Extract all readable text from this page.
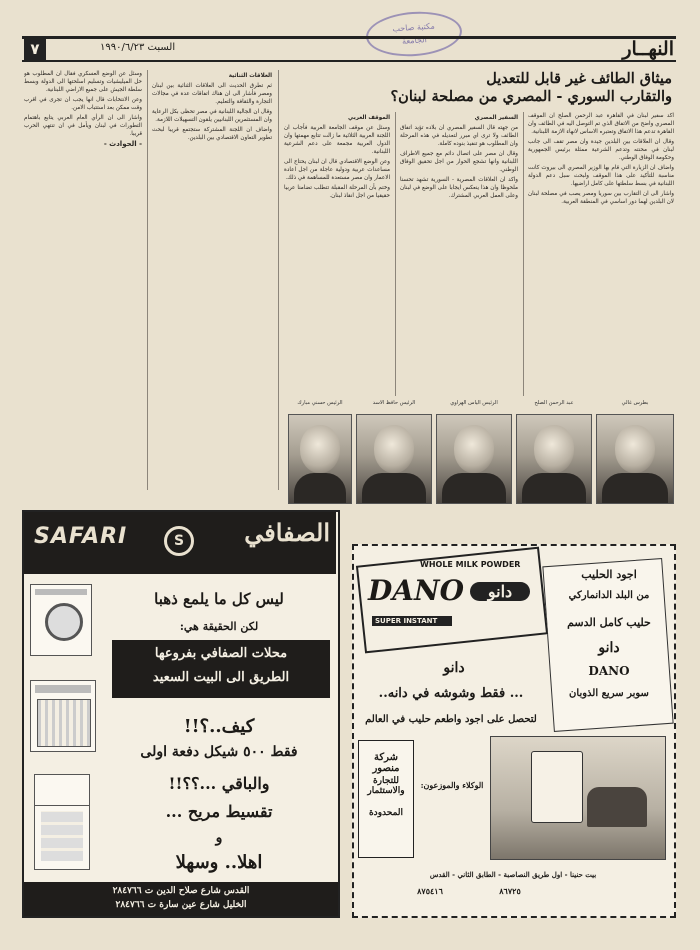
مكتبة صاحب
الجامعة	النهــار
السبت ١٩٩٠/٦/٢٣
٧
ميثاق الطائف غير قابل للتعديل
والتقارب السوري - المصري من مصلحة لبنان؟

اكد سفير لبنان في القاهرة عبد الرحمن الصلح ان الموقف المصري واضح من الاتفاق الذي تم التوصل اليه في الطائف وان القاهرة تدعم هذا الاتفاق وتعتبره الاساس لانهاء الازمة اللبنانية.

وقال ان العلاقات بين البلدين جيدة وان مصر تقف الى جانب لبنان في محنته وتدعم الشرعية ممثلة برئيس الجمهورية وحكومة الوفاق الوطني.

واضاف ان الزيارة التي قام بها الوزير المصري الى بيروت كانت مناسبة للتأكيد على هذا الموقف ولبحث سبل دعم الدولة اللبنانية في بسط سلطتها على كامل اراضيها.

واشار الى ان التقارب بين سوريا ومصر يصب في مصلحة لبنان لان البلدين لهما دور اساسي في المنطقة العربية.

السفير المصري

من جهته قال السفير المصري ان بلاده تؤيد اتفاق الطائف ولا ترى اي مبرر لتعديله في هذه المرحلة وان المطلوب هو تنفيذ بنوده كاملة.

وقال ان مصر على اتصال دائم مع جميع الاطراف اللبنانية وانها تشجع الحوار من اجل تحقيق الوفاق الوطني.

واكد ان العلاقات المصرية - السورية تشهد تحسنا ملحوظا وان هذا ينعكس ايجابا على الوضع في لبنان وعلى العمل العربي المشترك.

الموقف العربي

وسئل عن موقف الجامعة العربية فأجاب ان اللجنة العربية الثلاثية ما زالت تتابع مهمتها وان الدول العربية مجمعة على دعم الشرعية اللبنانية.

وعن الوضع الاقتصادي قال ان لبنان يحتاج الى مساعدات عربية ودولية عاجلة من اجل اعادة الاعمار وان مصر مستعدة للمساهمة في ذلك.

وختم بأن المرحلة المقبلة تتطلب تضامنا عربيا حقيقيا من اجل انقاذ لبنان.

العلاقات الثنائية

ثم تطرق الحديث الى العلاقات الثنائية بين لبنان ومصر فأشار الى ان هناك اتفاقات عدة في مجالات التجارة والثقافة والتعليم.

وقال ان الجالية اللبنانية في مصر تحظى بكل الرعاية وان المستثمرين اللبنانيين يلقون التسهيلات اللازمة.

واضاف ان اللجنة المشتركة ستجتمع قريبا لبحث تطوير التعاون الاقتصادي بين البلدين.

وسئل عن الوضع العسكري فقال ان المطلوب هو حل الميليشيات وتسليم اسلحتها الى الدولة وبسط سلطة الجيش على جميع الاراضي اللبنانية.

وعن الانتخابات قال انها يجب ان تجرى في اقرب وقت ممكن بعد استتباب الامن.

واشار الى ان الرأي العام العربي يتابع باهتمام التطورات في لبنان ويأمل في ان تنتهي الحرب قريبا.

- الحوادث -

بطرس غالي
عبد الرحمن الصلح
الرئيس الياس الهراوي
الرئيس حافظ الاسد
الرئيس حسني مبارك
SAFARI	S	الصفافي
ليس كل ما يلمع ذهبا
لكن الحقيقة هي:
محلات الصفافي بفروعها
الطريق الى البيت السعيد
كيف..؟!!
فقط ٥٠٠ شيكل دفعة اولى
والباقي ...؟؟!!
تقسيط مريح ...
و
اهلا.. وسهلا
القدس شارع صلاح الدين ت ٢٨٤٧٦٦
الخليل شارع عين سارة ت ٢٨٤٧٦٦
اجود الحليب
من البلد الدانماركي
حليب كامل الدسم
دانو
DANO
سوبر سريع الذوبان
DANO	دانو
WHOLE MILK POWDER
SUPER INSTANT
دانو
... فقط وشوشه في دانه..
لتحصل على اجود واطعم حليب في العالم
شركة منصور
للتجارة والاستثمار
المحدودة
الوكلاء والموزعون:
بيت حنينا - اول طريق النصاصبة - الطابق الثاني - القدس
٨٦٧٢٥
٨٧٥٤١٦
